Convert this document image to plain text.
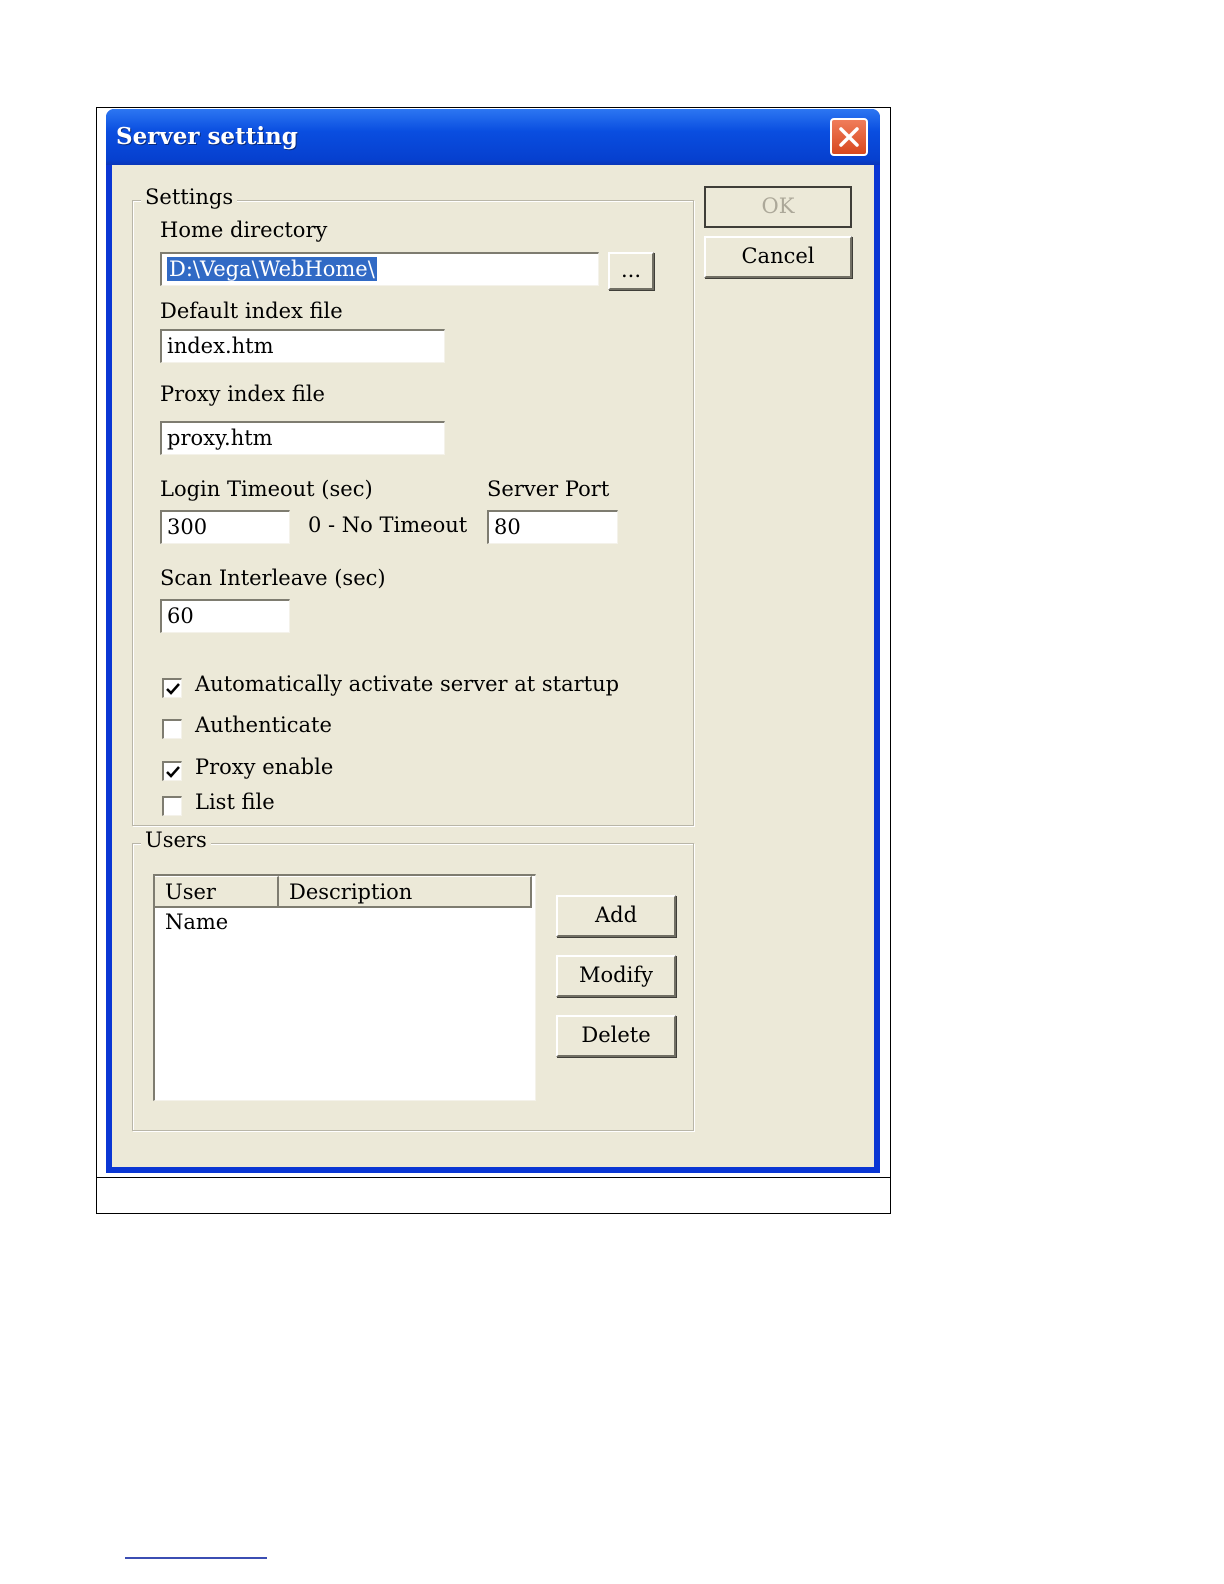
Server setting
Settings
Home directory
D:\Vega\WebHome\	...
Default index file
index.htm
Proxy index file
proxy.htm
Login Timeout (sec)
300	0 - No Timeout
Server Port
80
Scan Interleave (sec)
60
Automatically activate server at startup
Authenticate
Proxy enable
List file
OK
Cancel
Users
User Name
Description
Add
Modify
Delete
